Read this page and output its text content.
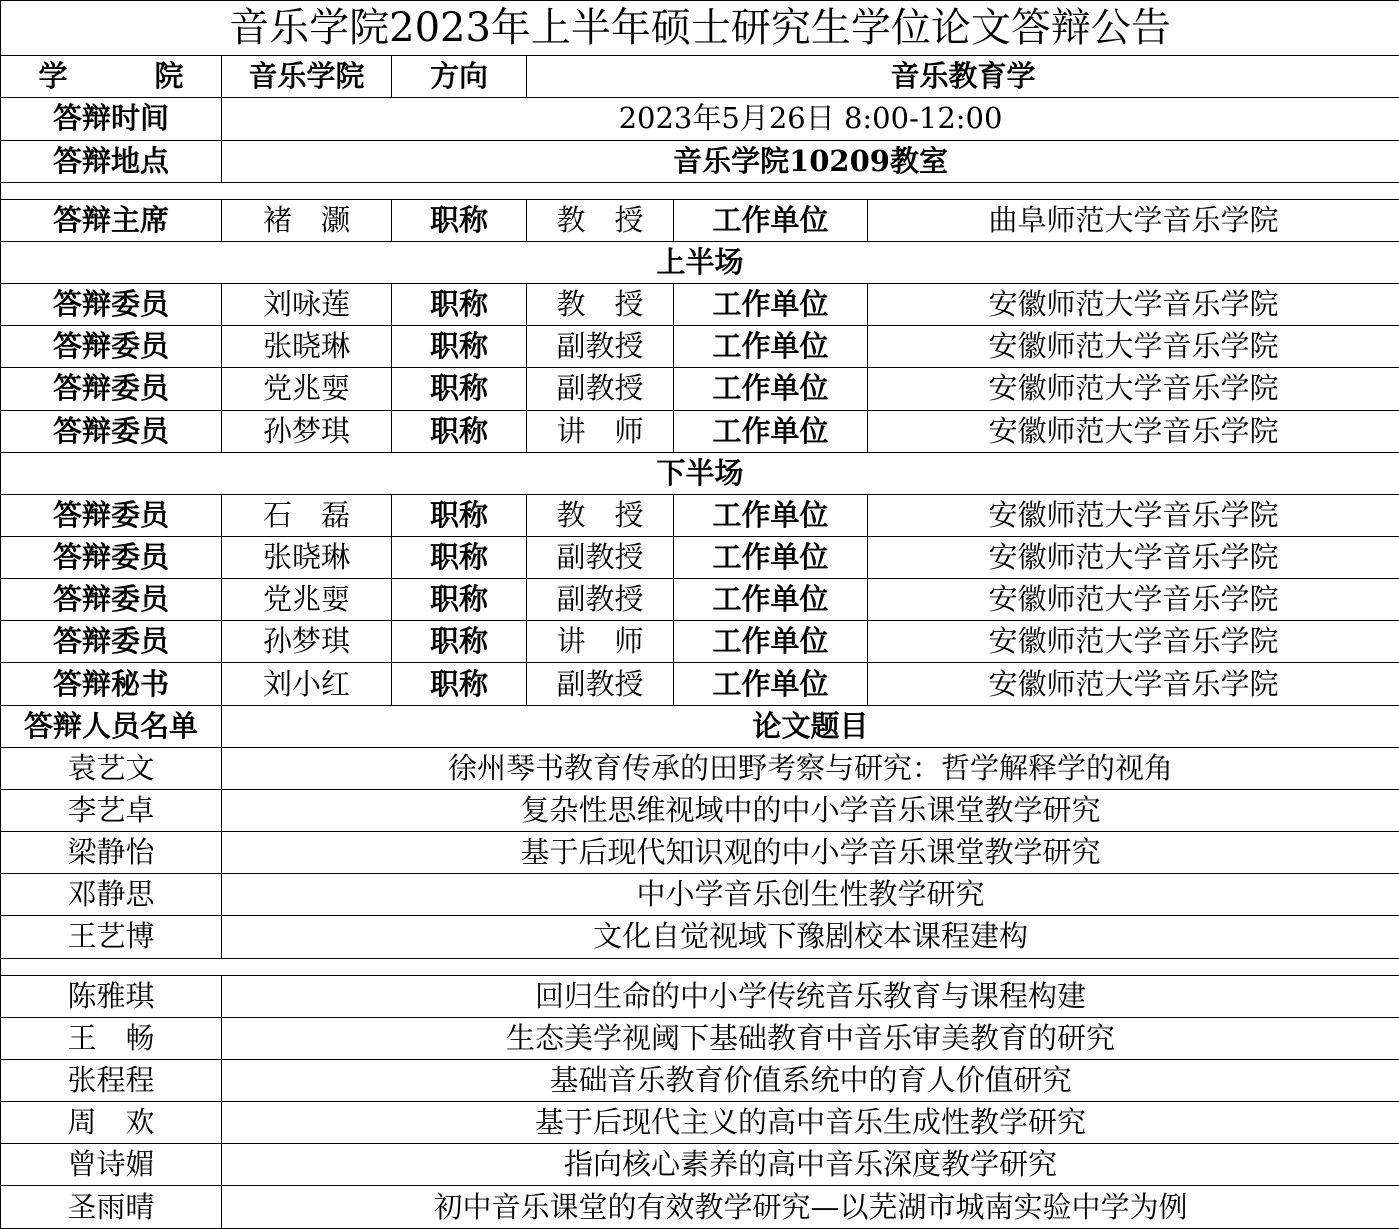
音乐学院2023年上半年硕士研究生学位论文答辩公告					
学　　　院	音乐学院	方向	音乐教育学		
答辩时间	2023年5月26日 8:00-12:00				
答辩地点	音乐学院10209教室				

答辩主席	褚　灏	职称	教　授	工作单位	曲阜师范大学音乐学院
上半场					
答辩委员	刘咏莲	职称	教　授	工作单位	安徽师范大学音乐学院
答辩委员	张晓琳	职称	副教授	工作单位	安徽师范大学音乐学院
答辩委员	党兆婯	职称	副教授	工作单位	安徽师范大学音乐学院
答辩委员	孙梦琪	职称	讲　师	工作单位	安徽师范大学音乐学院
下半场					
答辩委员	石　磊	职称	教　授	工作单位	安徽师范大学音乐学院
答辩委员	张晓琳	职称	副教授	工作单位	安徽师范大学音乐学院
答辩委员	党兆婯	职称	副教授	工作单位	安徽师范大学音乐学院
答辩委员	孙梦琪	职称	讲　师	工作单位	安徽师范大学音乐学院
答辩秘书	刘小红	职称	副教授	工作单位	安徽师范大学音乐学院
答辩人员名单	论文题目				
袁艺文	徐州琴书教育传承的田野考察与研究：哲学解释学的视角				
李艺卓	复杂性思维视域中的中小学音乐课堂教学研究				
梁静怡	基于后现代知识观的中小学音乐课堂教学研究				
邓静思	中小学音乐创生性教学研究				
王艺博	文化自觉视域下豫剧校本课程建构				

陈雅琪	回归生命的中小学传统音乐教育与课程构建				
王　畅	生态美学视阈下基础教育中音乐审美教育的研究				
张程程	基础音乐教育价值系统中的育人价值研究				
周　欢	基于后现代主义的高中音乐生成性教学研究				
曾诗媚	指向核心素养的高中音乐深度教学研究				
圣雨晴	初中音乐课堂的有效教学研究—以芜湖市城南实验中学为例				
